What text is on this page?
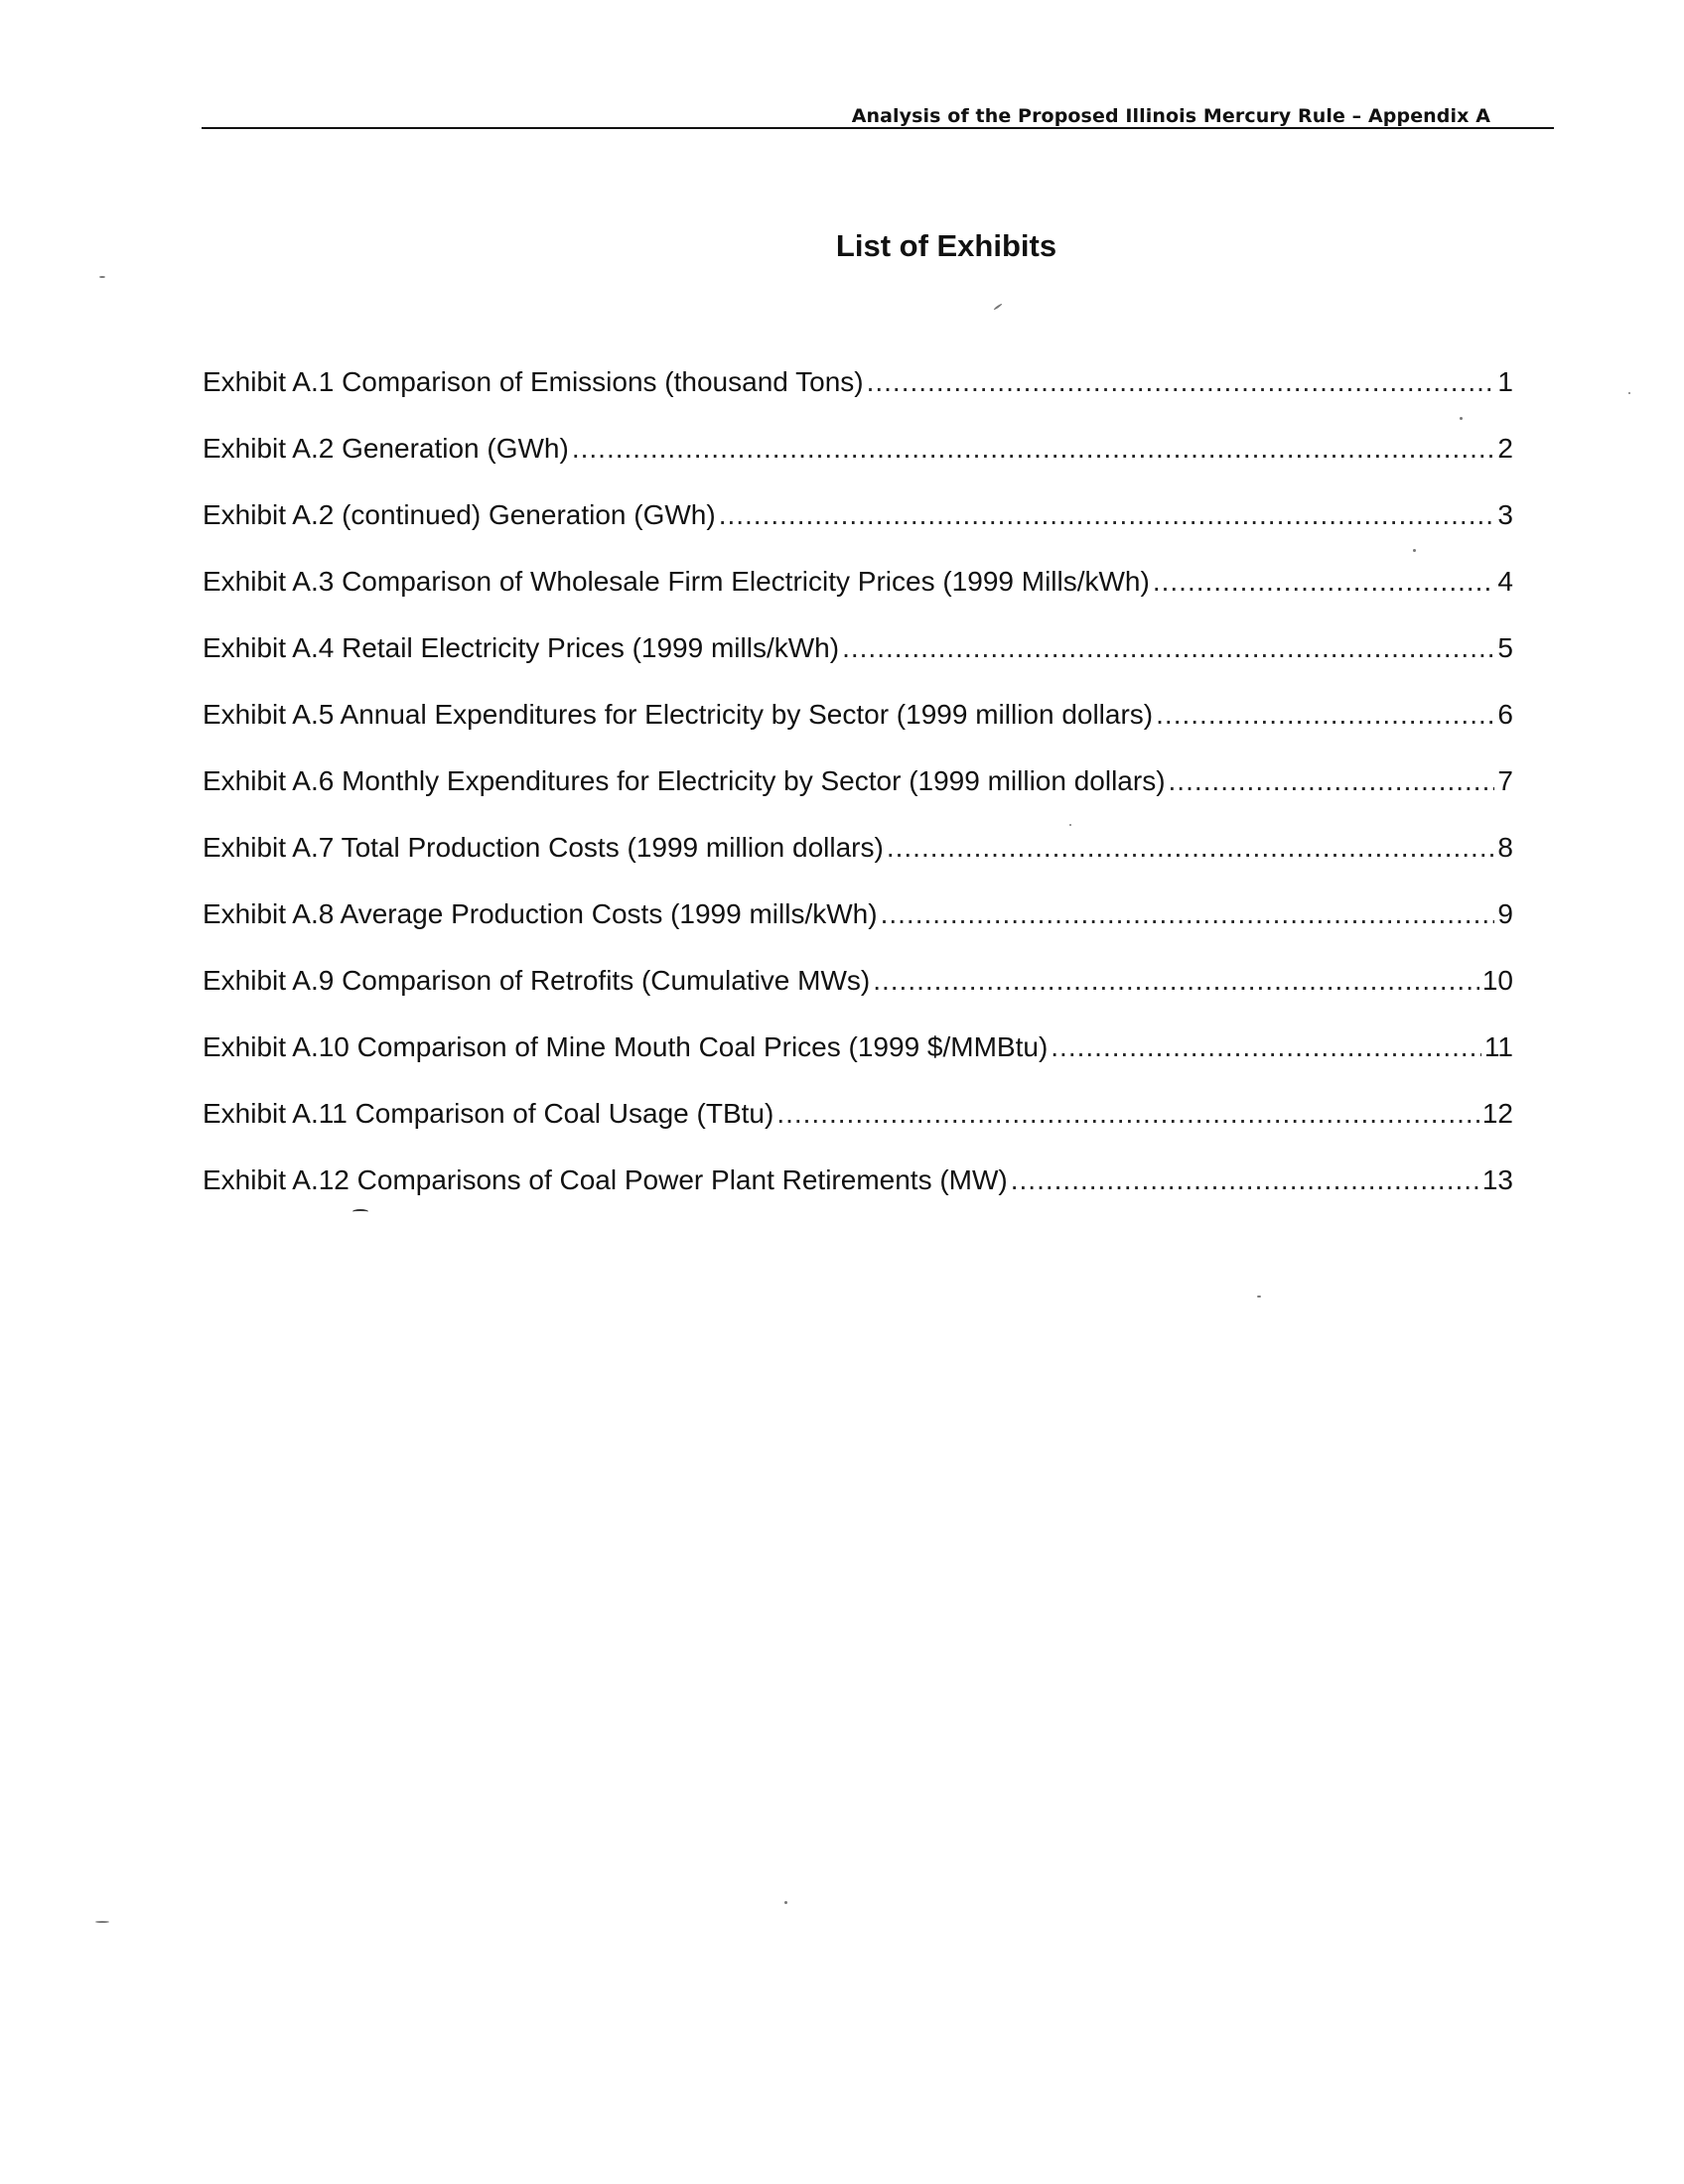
Analysis of the Proposed Illinois Mercury Rule – Appendix A
List of Exhibits
Exhibit A.1 Comparison of Emissions (thousand Tons) .....	1
Exhibit A.2 Generation (GWh) .....	2
Exhibit A.2 (continued) Generation (GWh) .....	3
Exhibit A.3 Comparison of Wholesale Firm Electricity Prices (1999 Mills/kWh) .....	4
Exhibit A.4 Retail Electricity Prices (1999 mills/kWh) .....	5
Exhibit A.5 Annual Expenditures for Electricity by Sector (1999 million dollars) .....	6
Exhibit A.6 Monthly Expenditures for Electricity by Sector (1999 million dollars) .....	7
Exhibit A.7 Total Production Costs (1999 million dollars) .....	8
Exhibit A.8 Average Production Costs (1999 mills/kWh) .....	9
Exhibit A.9 Comparison of Retrofits (Cumulative MWs) .....	10
Exhibit A.10 Comparison of Mine Mouth Coal Prices (1999 $/MMBtu) .....	11
Exhibit A.11 Comparison of Coal Usage (TBtu) .....	12
Exhibit A.12 Comparisons of Coal Power Plant Retirements (MW) .....	13
